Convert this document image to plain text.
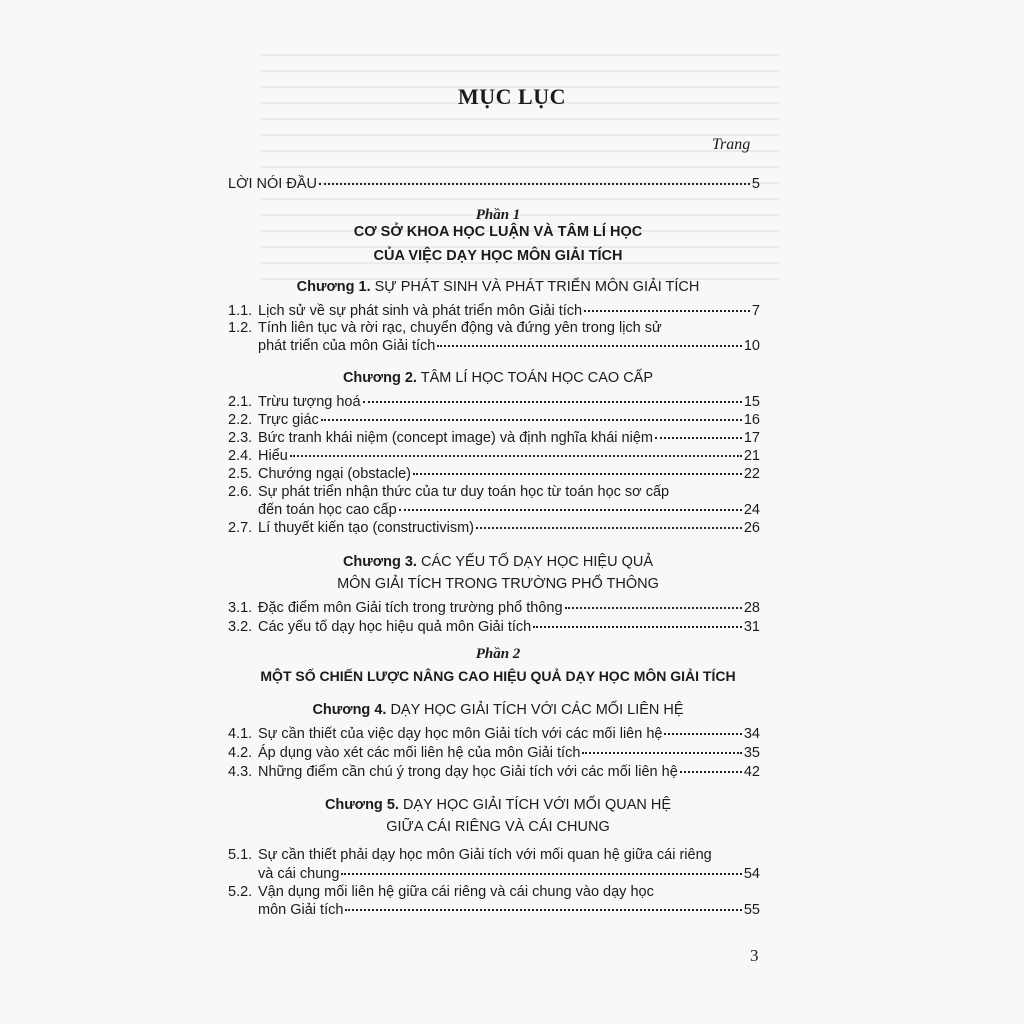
MỤC LỤC
Trang
LỜI NÓI ĐẦU	5
Phần 1
CƠ SỞ KHOA HỌC LUẬN VÀ TÂM LÍ HỌC
CỦA VIỆC DẠY HỌC MÔN GIẢI TÍCH
Chương 1. SỰ PHÁT SINH VÀ PHÁT TRIỂN MÔN GIẢI TÍCH
1.1. Lịch sử về sự phát sinh và phát triển môn Giải tích	7
1.2. Tính liên tục và rời rạc, chuyển động và đứng yên trong lịch sử
phát triển của môn Giải tích	10
Chương 2. TÂM LÍ HỌC TOÁN HỌC CAO CẤP
2.1. Trừu tượng hoá	15
2.2. Trực giác	16
2.3. Bức tranh khái niệm (concept image) và định nghĩa khái niệm	17
2.4. Hiểu	21
2.5. Chướng ngại (obstacle)	22
2.6. Sự phát triển nhận thức của tư duy toán học từ toán học sơ cấp
đến toán học cao cấp	24
2.7. Lí thuyết kiến tạo (constructivism)	26
Chương 3. CÁC YẾU TỐ DẠY HỌC HIỆU QUẢ
MÔN GIẢI TÍCH TRONG TRƯỜNG PHỔ THÔNG
3.1. Đặc điểm môn Giải tích trong trường phổ thông	28
3.2. Các yếu tố dạy học hiệu quả môn Giải tích	31
Phần 2
MỘT SỐ CHIẾN LƯỢC NÂNG CAO HIỆU QUẢ DẠY HỌC MÔN GIẢI TÍCH
Chương 4. DẠY HỌC GIẢI TÍCH VỚI CÁC MỐI LIÊN HỆ
4.1. Sự cần thiết của việc dạy học môn Giải tích với các mối liên hệ	34
4.2. Áp dụng vào xét các mối liên hệ của môn Giải tích	35
4.3. Những điểm cần chú ý trong dạy học Giải tích với các mối liên hệ	42
Chương 5. DẠY HỌC GIẢI TÍCH VỚI MỐI QUAN HỆ
GIỮA CÁI RIÊNG VÀ CÁI CHUNG
5.1. Sự cần thiết phải dạy học môn Giải tích với mối quan hệ giữa cái riêng
và cái chung	54
5.2. Vận dụng mối liên hệ giữa cái riêng và cái chung vào dạy học
môn Giải tích	55
3
